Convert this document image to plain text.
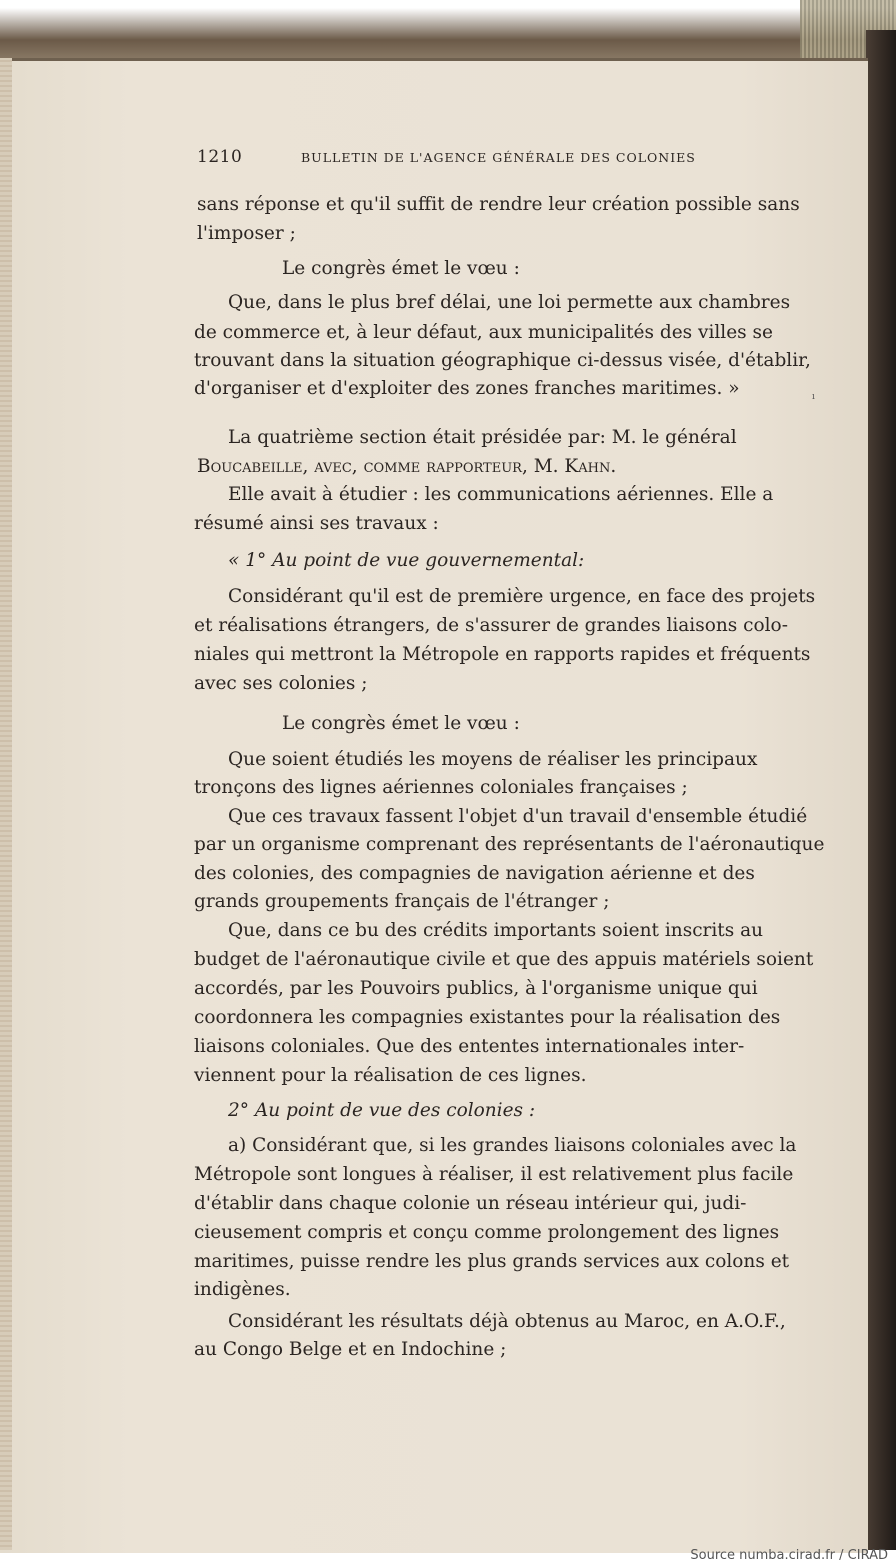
1210	BULLETIN DE L'AGENCE GÉNÉRALE DES COLONIES
sans réponse et qu'il suffit de rendre leur création possible sans
l'imposer ;
Le congrès émet le vœu :
Que, dans le plus bref délai, une loi permette aux chambres
de commerce et, à leur défaut, aux municipalités des villes se
trouvant dans la situation géographique ci-dessus visée, d'établir,
d'organiser et d'exploiter des zones franches maritimes. »
La quatrième section était présidée par: M. le général
Boucabeille, avec, comme rapporteur, M. Kahn.
Elle avait à étudier : les communications aériennes. Elle a
résumé ainsi ses travaux :
« 1° Au point de vue gouvernemental:
Considérant qu'il est de première urgence, en face des projets
et réalisations étrangers, de s'assurer de grandes liaisons colo-
niales qui mettront la Métropole en rapports rapides et fréquents
avec ses colonies ;
Le congrès émet le vœu :
Que soient étudiés les moyens de réaliser les principaux
tronçons des lignes aériennes coloniales françaises ;
Que ces travaux fassent l'objet d'un travail d'ensemble étudié
par un organisme comprenant des représentants de l'aéronautique
des colonies, des compagnies de navigation aérienne et des
grands groupements français de l'étranger ;
Que, dans ce bu des crédits importants soient inscrits au
budget de l'aéronautique civile et que des appuis matériels soient
accordés, par les Pouvoirs publics, à l'organisme unique qui
coordonnera les compagnies existantes pour la réalisation des
liaisons coloniales. Que des ententes internationales inter-
viennent pour la réalisation de ces lignes.
2° Au point de vue des colonies :
a) Considérant que, si les grandes liaisons coloniales avec la
Métropole sont longues à réaliser, il est relativement plus facile
d'établir dans chaque colonie un réseau intérieur qui, judi-
cieusement compris et conçu comme prolongement des lignes
maritimes, puisse rendre les plus grands services aux colons et
indigènes.
Considérant les résultats déjà obtenus au Maroc, en A.O.F.,
au Congo Belge et en Indochine ;
ı
Source numba.cirad.fr / CIRAD
